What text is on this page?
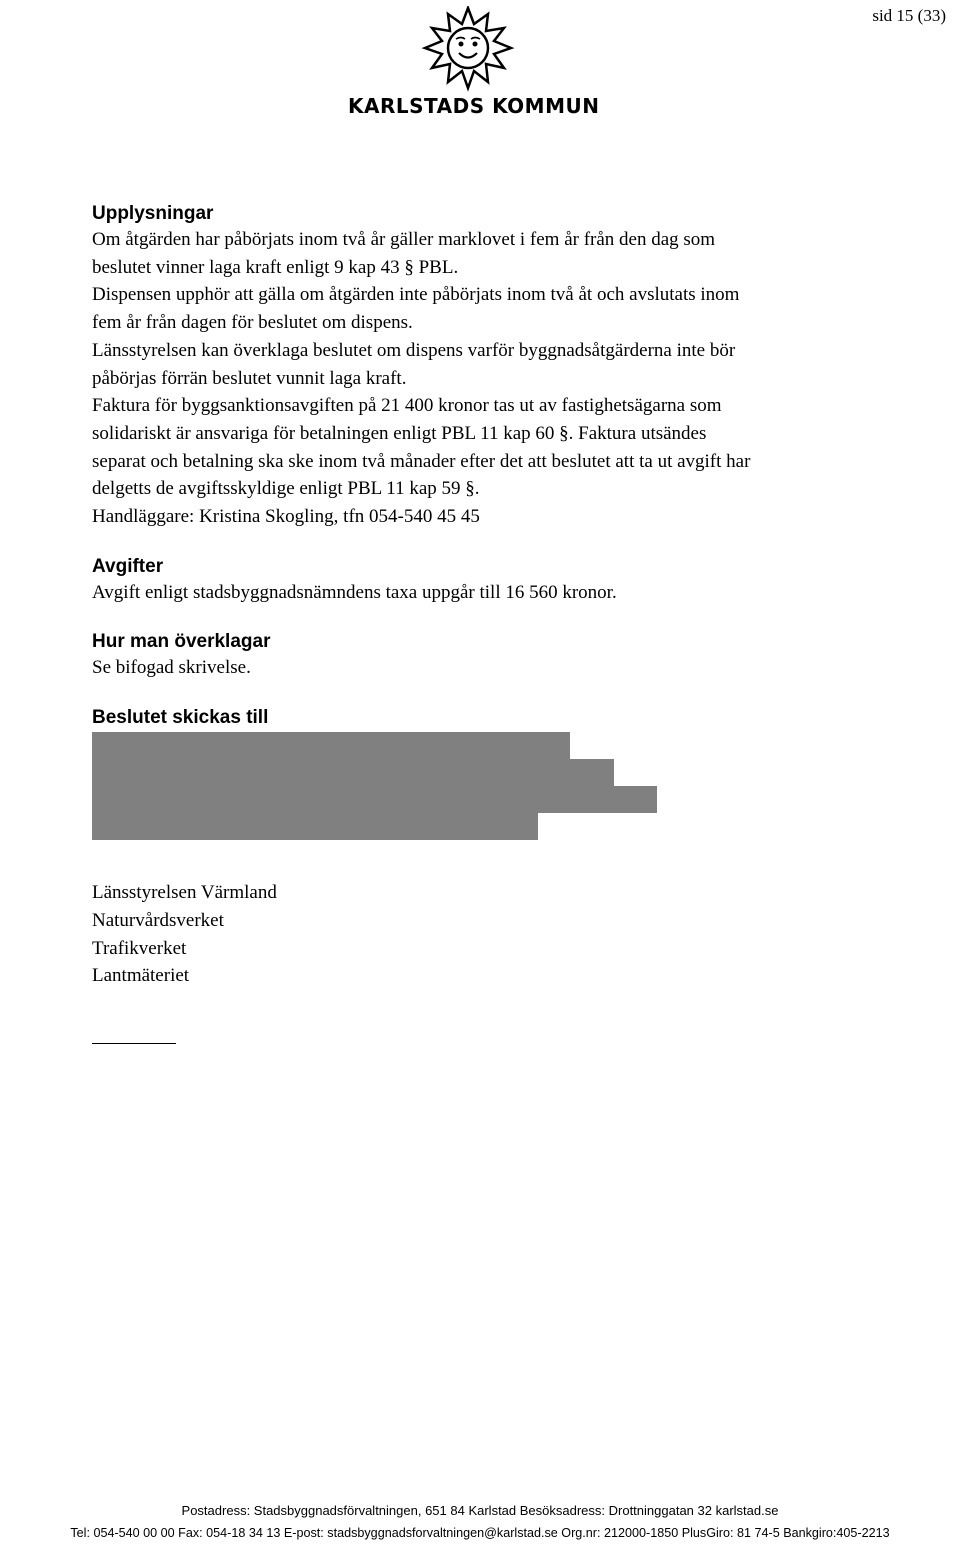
sid 15 (33)
KARLSTADS KOMMUN
Upplysningar

Om åtgärden har påbörjats inom två år gäller marklovet i fem år från den dag som

beslutet vinner laga kraft enligt 9 kap 43 § PBL.

Dispensen upphör att gälla om åtgärden inte påbörjats inom två åt och avslutats inom

fem år från dagen för beslutet om dispens.

Länsstyrelsen kan överklaga beslutet om dispens varför byggnadsåtgärderna inte bör

påbörjas förrän beslutet vunnit laga kraft.

Faktura för byggsanktionsavgiften på 21 400 kronor tas ut av fastighetsägarna som

solidariskt är ansvariga för betalningen enligt PBL 11 kap 60 §. Faktura utsändes

separat och betalning ska ske inom två månader efter det att beslutet att ta ut avgift har

delgetts de avgiftsskyldige enligt PBL 11 kap 59 §.

Handläggare: Kristina Skogling, tfn 054-540 45 45

Avgifter

Avgift enligt stadsbyggnadsnämndens taxa uppgår till 16 560 kronor.

Hur man överklagar

Se bifogad skrivelse.

Beslutet skickas till

Länsstyrelsen Värmland

Naturvårdsverket

Trafikverket

Lantmäteriet

Postadress: Stadsbyggnadsförvaltningen, 651 84 Karlstad Besöksadress: Drottninggatan 32 karlstad.se
Tel: 054-540 00 00 Fax: 054-18 34 13 E-post: stadsbyggnadsforvaltningen@karlstad.se Org.nr: 212000-1850 PlusGiro: 81 74-5 Bankgiro:405-2213
